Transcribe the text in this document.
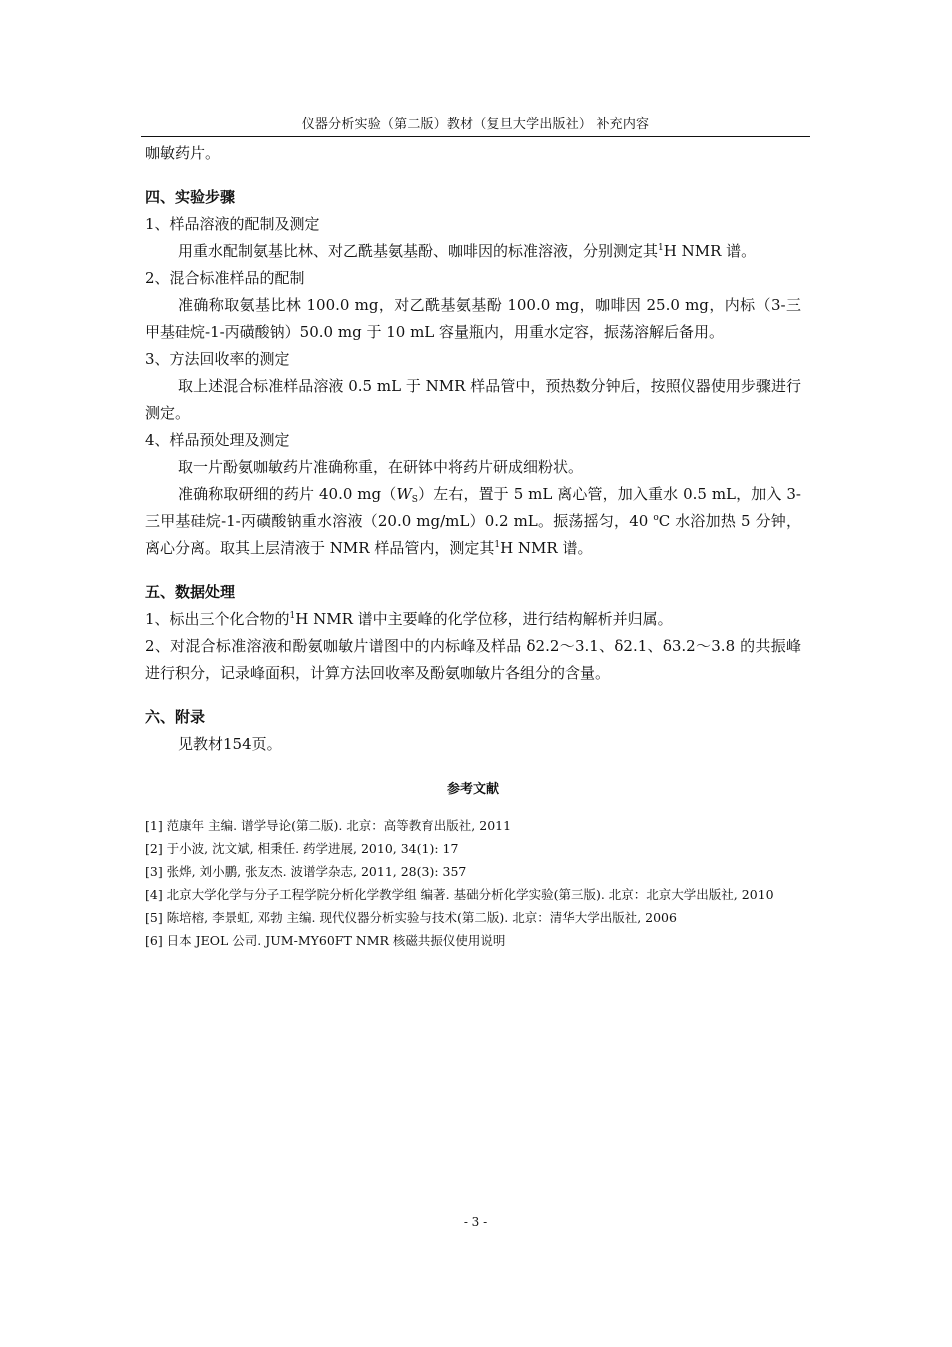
仪器分析实验（第二版）教材（复旦大学出版社） 补充内容
咖敏药片。
四、实验步骤
1、样品溶液的配制及测定
用重水配制氨基比林、对乙酰基氨基酚、咖啡因的标准溶液，分别测定其$^1$H NMR 谱。
2、混合标准样品的配制
准确称取氨基比林 100.0 mg，对乙酰基氨基酚 100.0 mg，咖啡因 25.0 mg，内标（3-三甲基硅烷-1-丙磺酸钠）50.0 mg 于 10 mL 容量瓶内，用重水定容，振荡溶解后备用。
3、方法回收率的测定
取上述混合标准样品溶液 0.5 mL 于 NMR 样品管中，预热数分钟后，按照仪器使用步骤进行测定。
4、样品预处理及测定
取一片酚氨咖敏药片准确称重，在研钵中将药片研成细粉状。
准确称取研细的药片 40.0 $mg(W_S)$左右，置于 5 mL 离心管，加入重水 0.5 mL，加入 3-三甲基硅烷-1-丙磺酸钠重水溶液（20.0 mg/mL）0.2 mL。振荡摇匀，40 $^o$C 水浴加热 5 分钟，离心分离。取其上层清液于 NMR 样品管内，测定其$^1$H NMR 谱。
五、数据处理
1、标出三个化合物的$^1$H NMR 谱中主要峰的化学位移，进行结构解析并归属。
2、对混合标准溶液和酚氨咖敏片谱图中的内标峰及样品 δ2.2～3.1、δ2.1、δ3.2～3.8 的共振峰进行积分，记录峰面积，计算方法回收率及酚氨咖敏片各组分的含量。
六、附录
见教材154页。
参考文献
[1] 范康年 主编. 谱学导论(第二版). 北京：高等教育出版社, 2011
[2] 于小波, 沈文斌, 相秉任. 药学进展, 2010, 34(1): 17
[3] 张烨, 刘小鹏, 张友杰. 波谱学杂志, 2011, 28(3): 357
[4] 北京大学化学与分子工程学院分析化学教学组 编著. 基础分析化学实验(第三版). 北京：北京大学出版社, 2010
[5] 陈培榕, 李景虹, 邓勃 主编. 现代仪器分析实验与技术(第二版). 北京：清华大学出版社, 2006
[6] 日本 JEOL 公司. JUM-MY60FT NMR 核磁共振仪使用说明
- 3 -
